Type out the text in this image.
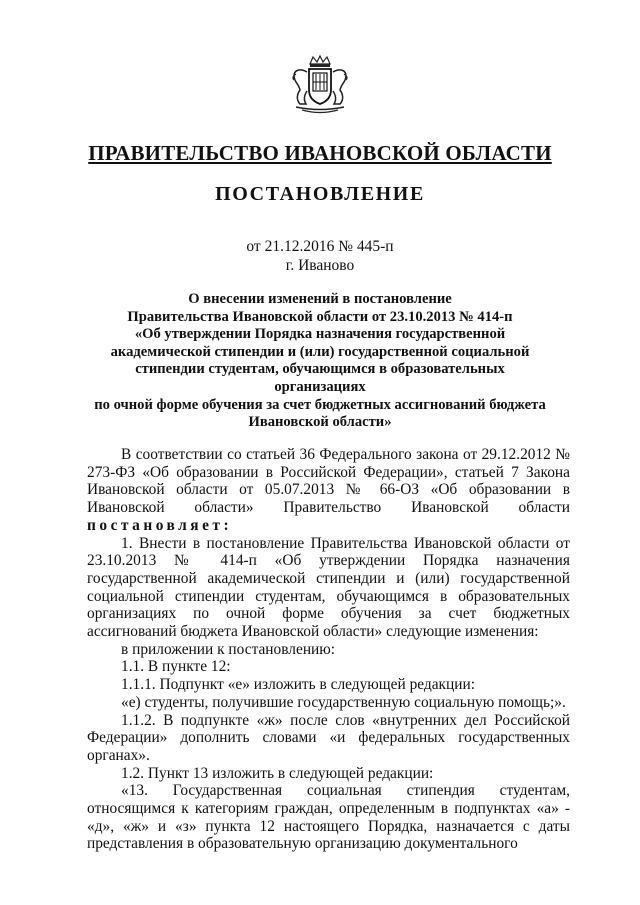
ПРАВИТЕЛЬСТВО ИВАНОВСКОЙ ОБЛАСТИ
ПОСТАНОВЛЕНИЕ
от 21.12.2016 № 445-п
г. Иваново
О внесении изменений в постановление
Правительства Ивановской области от 23.10.2013 № 414-п
«Об утверждении Порядка назначения государственной
академической стипендии и (или) государственной социальной
стипендии студентам, обучающимся в образовательных организациях
по очной форме обучения за счет бюджетных ассигнований бюджета
Ивановской области»

В соответствии со статьей 36 Федерального закона от 29.12.2012 № 273-ФЗ «Об образовании в Российской Федерации», статьей 7 Закона Ивановской области от 05.07.2013 № 66-ОЗ «Об образовании в Ивановской области» Правительство Ивановской области постановляет:

1. Внести в постановление Правительства Ивановской области от 23.10.2013 № 414-п «Об утверждении Порядка назначения государственной академической стипендии и (или) государственной социальной стипендии студентам, обучающимся в образовательных организациях по очной форме обучения за счет бюджетных ассигнований бюджета Ивановской области» следующие изменения:

в приложении к постановлению:

1.1. В пункте 12:

1.1.1. Подпункт «е» изложить в следующей редакции:

«е) студенты, получившие государственную социальную помощь;».

1.1.2. В подпункте «ж» после слов «внутренних дел Российской Федерации» дополнить словами «и федеральных государственных органах».

1.2. Пункт 13 изложить в следующей редакции:

«13. Государственная социальная стипендия студентам, относящимся к категориям граждан, определенным в подпунктах «а» - «д», «ж» и «з» пункта 12 настоящего Порядка, назначается с даты представления в образовательную организацию документального
